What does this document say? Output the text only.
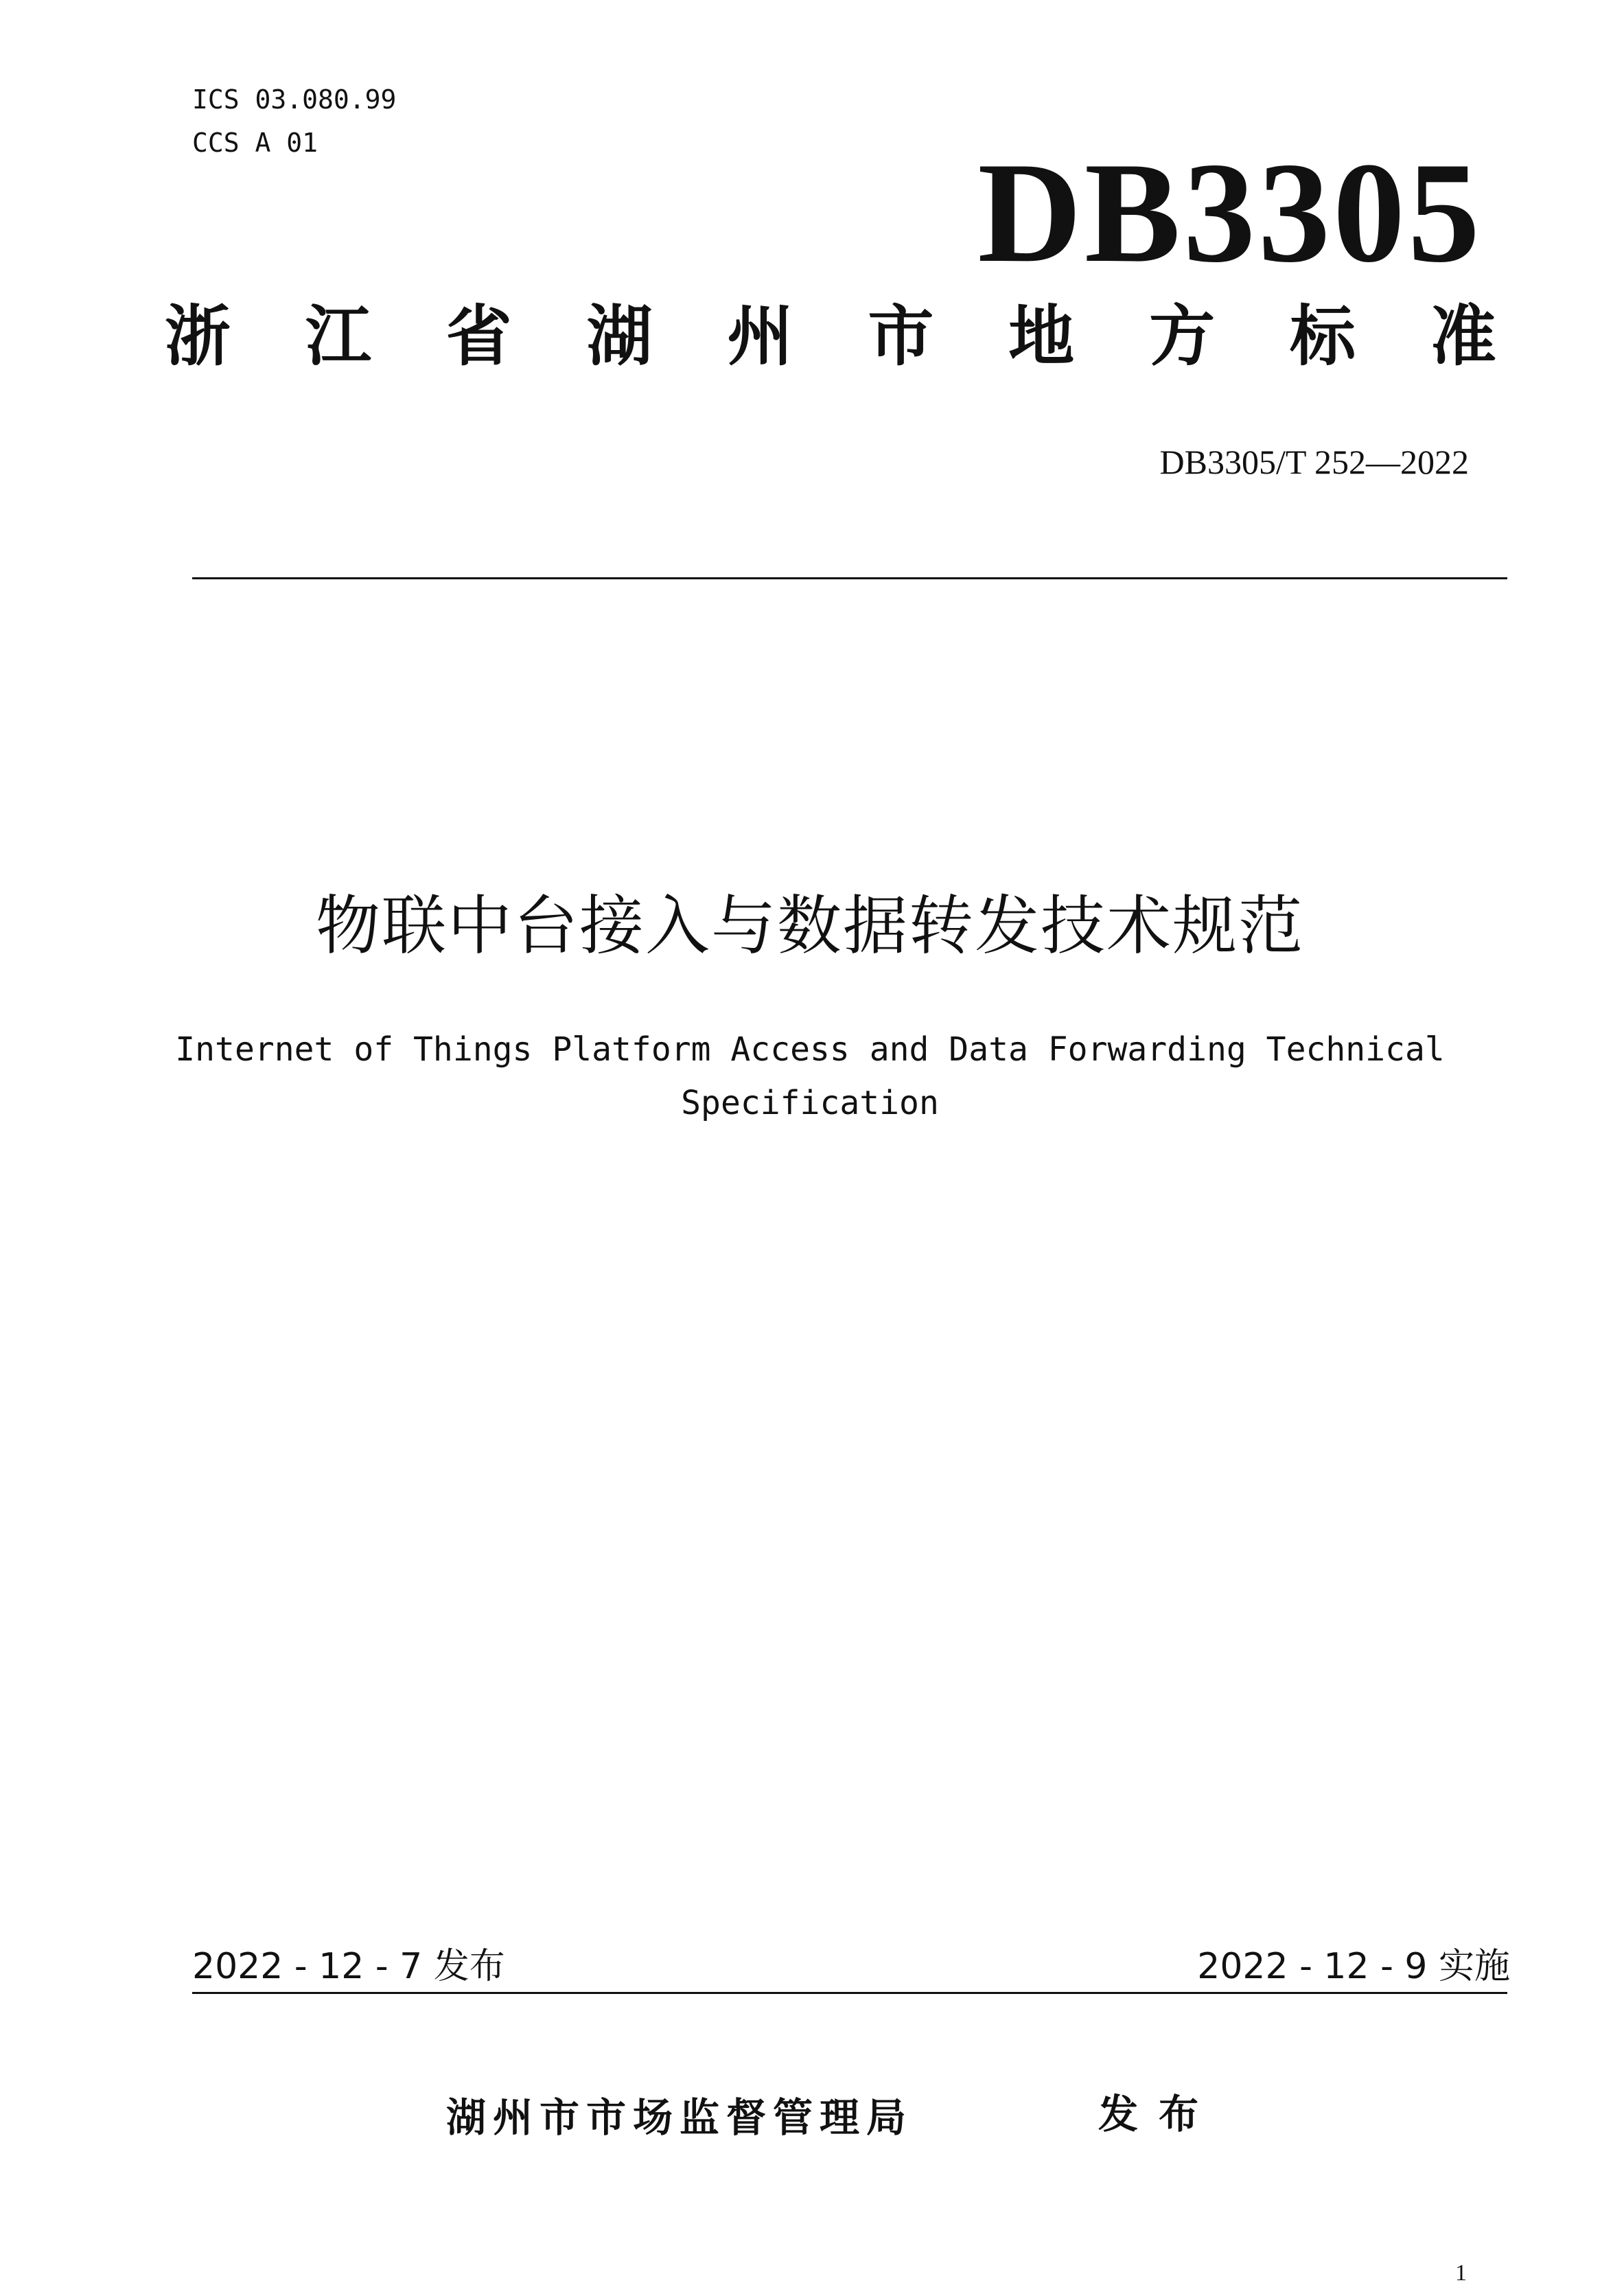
ICS 03.080.99
CCS A 01	DB3305
浙 江 省 湖 州 市 地 方 标 准
DB3305/T 252—2022
物联中台接入与数据转发技术规范
Internet of Things Platform Access and Data Forwarding Technical
Specification
2022 - 12 - 7 发布	2022 - 12 - 9 实施
湖州市市场监督管理局	发布
1
